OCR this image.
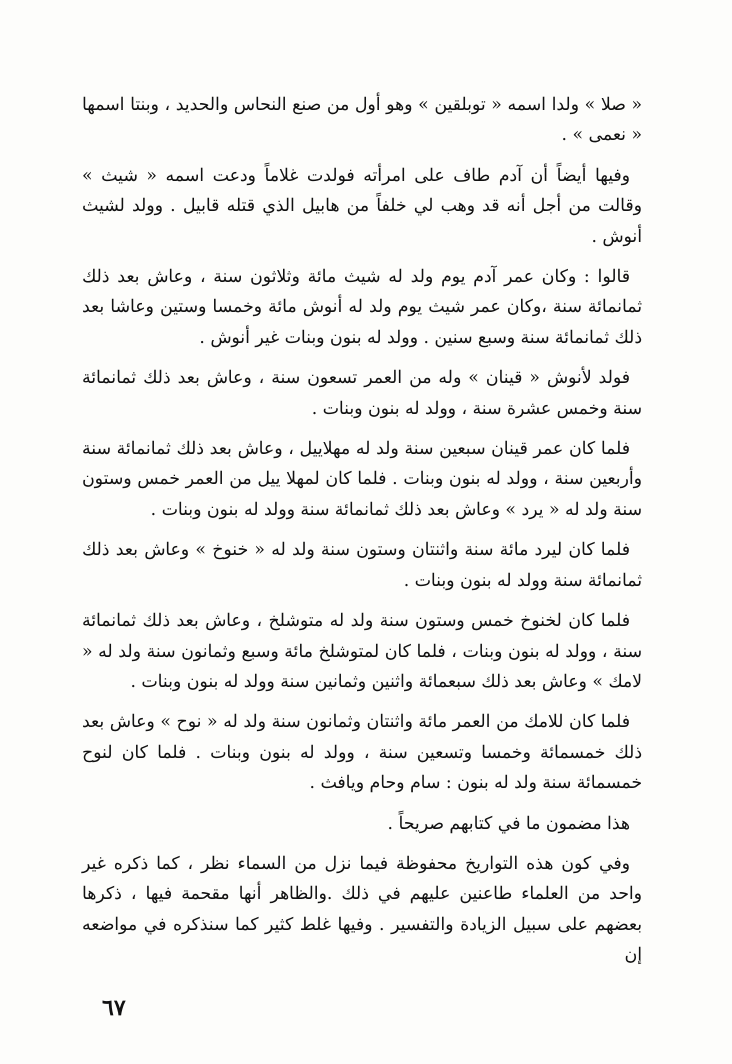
« صلا » ولدا اسمه « توبلقين » وهو أول من صنع النحاس والحديد ، وبنتا اسمها « نعمى » .

وفيها أيضاً أن آدم طاف على امرأته فولدت غلاماً ودعت اسمه « شيث » وقالت من أجل أنه قد وهب لي خلفاً من هابيل الذي قتله قابيل . وولد لشيث أنوش .

قالوا : وكان عمر آدم يوم ولد له شيث مائة وثلاثون سنة ، وعاش بعد ذلك ثمانمائة سنة ،وكان عمر شيث يوم ولد له أنوش مائة وخمسا وستين وعاشا بعد ذلك ثمانمائة سنة وسبع سنين . وولد له بنون وبنات غير أنوش .

فولد لأنوش « قينان » وله من العمر تسعون سنة ، وعاش بعد ذلك ثمانمائة سنة وخمس عشرة سنة ، وولد له بنون وبنات .

فلما كان عمر قينان سبعين سنة ولد له مهلاييل ، وعاش بعد ذلك ثمانمائة سنة وأربعين سنة ، وولد له بنون وبنات . فلما كان لمهلا ييل من العمر خمس وستون سنة ولد له « يرد » وعاش بعد ذلك ثمانمائة سنة وولد له بنون وبنات .

فلما كان ليرد مائة سنة واثنتان وستون سنة ولد له « خنوخ » وعاش بعد ذلك ثمانمائة سنة وولد له بنون وبنات .

فلما كان لخنوخ خمس وستون سنة ولد له متوشلخ ، وعاش بعد ذلك ثمانمائة سنة ، وولد له بنون وبنات ، فلما كان لمتوشلخ مائة وسبع وثمانون سنة ولد له « لامك » وعاش بعد ذلك سبعمائة واثنين وثمانين سنة وولد له بنون وبنات .

فلما كان للامك من العمر مائة واثنتان وثمانون سنة ولد له « نوح » وعاش بعد ذلك خمسمائة وخمسا وتسعين سنة ، وولد له بنون وبنات . فلما كان لنوح خمسمائة سنة ولد له بنون : سام وحام ويافث .

هذا مضمون ما في كتابهم صريحاً .

وفي كون هذه التواريخ محفوظة فيما نزل من السماء نظر ، كما ذكره غير واحد من العلماء طاعنين عليهم في ذلك .والظاهر أنها مقحمة فيها ، ذكرها بعضهم على سبيل الزيادة والتفسير . وفيها غلط كثير كما سنذكره في مواضعه إن

٦٧
